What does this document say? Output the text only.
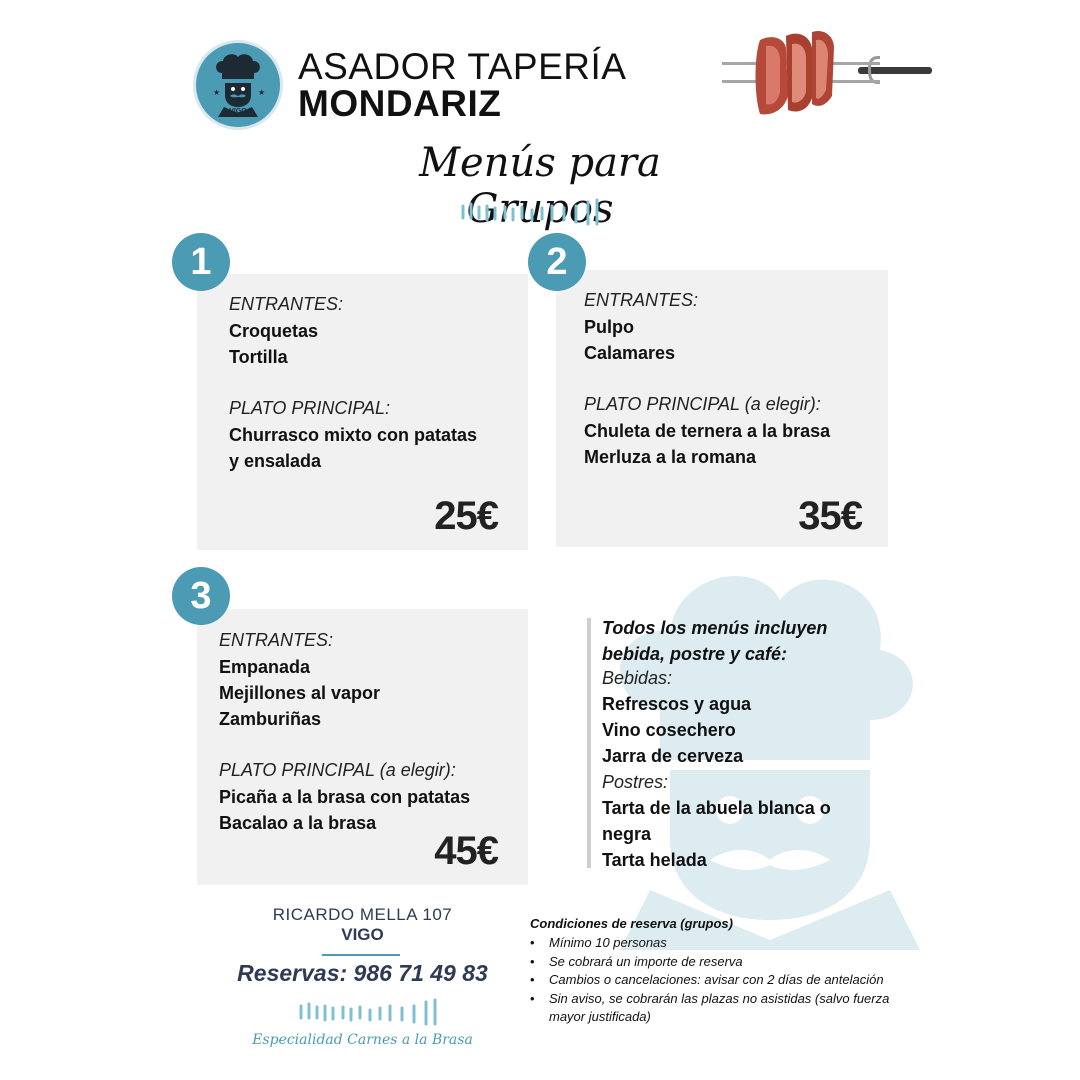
★	★
VIGO
ASADOR TAPERÍA
MONDARIZ
Menús para Grupos
1
ENTRANTES:
Croquetas
Tortilla
PLATO PRINCIPAL:
Churrasco mixto con patatas
y ensalada
25€
2
ENTRANTES:
Pulpo
Calamares
PLATO PRINCIPAL (a elegir):
Chuleta de ternera a la brasa
Merluza a la romana
35€
3
ENTRANTES:
Empanada
Mejillones al vapor
Zamburiñas
PLATO PRINCIPAL (a elegir):
Picaña a la brasa con patatas
Bacalao a la brasa
45€
Todos los menús incluyen
bebida, postre y café:
Bebidas:
Refrescos y agua
Vino cosechero
Jarra de cerveza
Postres:
Tarta de la abuela blanca o
negra
Tarta helada
RICARDO MELLA 107
VIGO
Reservas: 986 71 49 83
Especialidad Carnes a la Brasa
Condiciones de reserva (grupos)
• Mínimo 10 personas
• Se cobrará un importe de reserva
• Cambios o cancelaciones: avisar con 2 días de antelación
• Sin aviso, se cobrarán las plazas no asistidas (salvo fuerza mayor justificada)
